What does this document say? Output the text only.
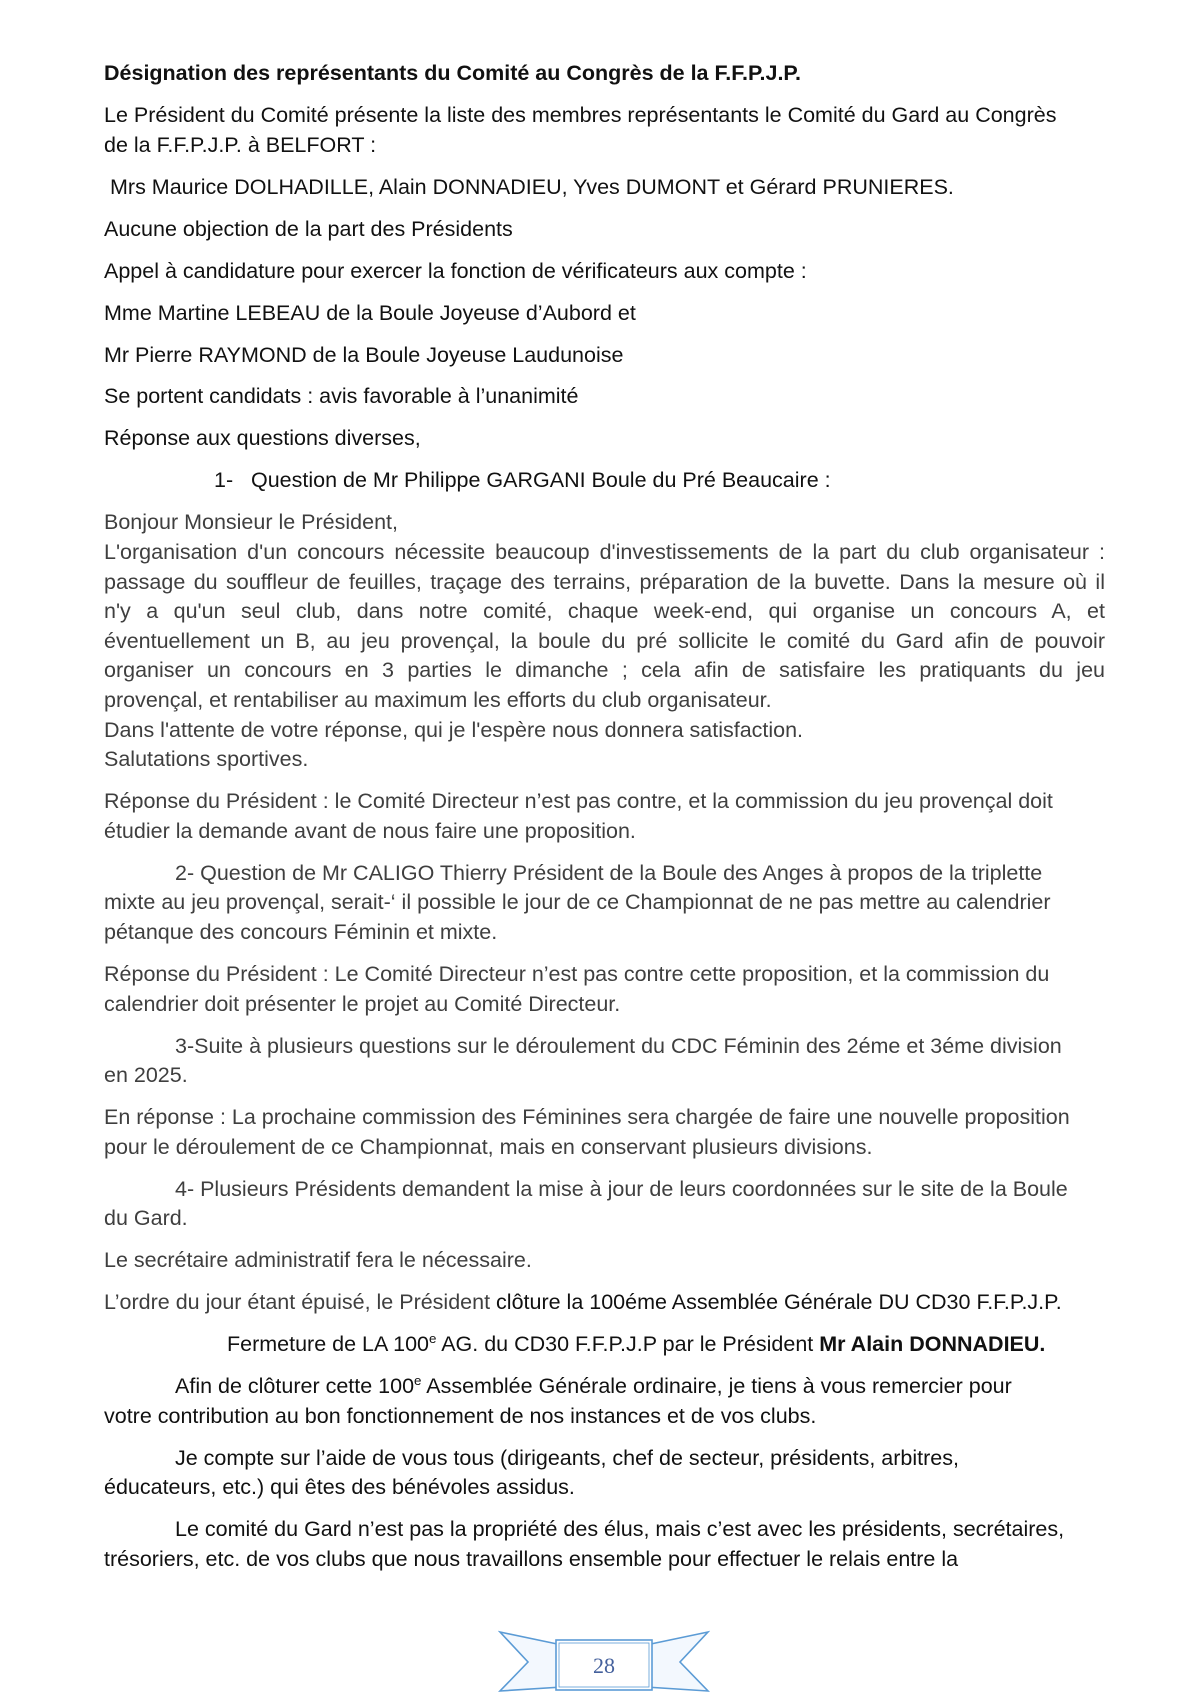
Désignation des représentants du Comité au Congrès de la F.F.P.J.P.
Le Président du Comité présente la liste des membres représentants le Comité du Gard au Congrès
de la F.F.P.J.P. à BELFORT :
Mrs Maurice DOLHADILLE, Alain DONNADIEU, Yves DUMONT et Gérard PRUNIERES.
Aucune objection de la part des Présidents
Appel à candidature pour exercer la fonction de vérificateurs aux compte :
Mme Martine LEBEAU de la Boule Joyeuse d’Aubord et
Mr Pierre RAYMOND de la Boule Joyeuse Laudunoise
Se portent candidats : avis favorable à l’unanimité
Réponse aux questions diverses,
1- Question de Mr Philippe GARGANI Boule du Pré Beaucaire :
Bonjour Monsieur le Président,
L'organisation d'un concours nécessite beaucoup d'investissements de la part du club organisateur :
passage du souffleur de feuilles, traçage des terrains, préparation de la buvette. Dans la mesure où il
n'y a qu'un seul club, dans notre comité, chaque week-end, qui organise un concours A, et
éventuellement un B, au jeu provençal, la boule du pré sollicite le comité du Gard afin de pouvoir
organiser un concours en 3 parties le dimanche ; cela afin de satisfaire les pratiquants du jeu
provençal, et rentabiliser au maximum les efforts du club organisateur.
Dans l'attente de votre réponse, qui je l'espère nous donnera satisfaction.
Salutations sportives.
Réponse du Président : le Comité Directeur n’est pas contre, et la commission du jeu provençal doit
étudier la demande avant de nous faire une proposition.
2- Question de Mr CALIGO Thierry Président de la Boule des Anges à propos de la triplette
mixte au jeu provençal, serait-‘ il possible le jour de ce Championnat de ne pas mettre au calendrier
pétanque des concours Féminin et mixte.
Réponse du Président : Le Comité Directeur n’est pas contre cette proposition, et la commission du
calendrier doit présenter le projet au Comité Directeur.
3-Suite à plusieurs questions sur le déroulement du CDC Féminin des 2éme et 3éme division
en 2025.
En réponse : La prochaine commission des Féminines sera chargée de faire une nouvelle proposition
pour le déroulement de ce Championnat, mais en conservant plusieurs divisions.
4- Plusieurs Présidents demandent la mise à jour de leurs coordonnées sur le site de la Boule
du Gard.
Le secrétaire administratif fera le nécessaire.
L’ordre du jour étant épuisé, le Président clôture la 100éme Assemblée Générale DU CD30 F.F.P.J.P.
Fermeture de LA 100e AG. du CD30 F.F.P.J.P par le Président Mr Alain DONNADIEU.
Afin de clôturer cette 100e Assemblée Générale ordinaire, je tiens à vous remercier pour
votre contribution au bon fonctionnement de nos instances et de vos clubs.
Je compte sur l’aide de vous tous (dirigeants, chef de secteur, présidents, arbitres,
éducateurs, etc.) qui êtes des bénévoles assidus.
Le comité du Gard n’est pas la propriété des élus, mais c’est avec les présidents, secrétaires,
trésoriers, etc. de vos clubs que nous travaillons ensemble pour effectuer le relais entre la
28
